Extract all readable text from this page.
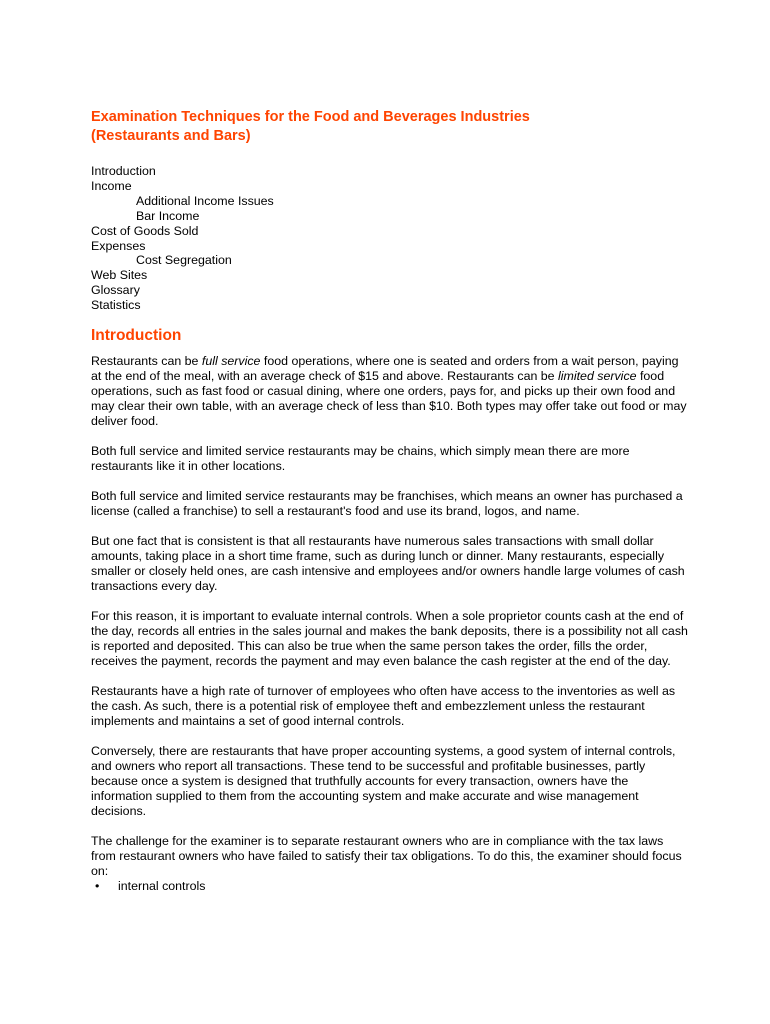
Examination Techniques for the Food and Beverages Industries
(Restaurants and Bars)
Introduction
Income
Additional Income Issues
Bar Income
Cost of Goods Sold
Expenses
Cost Segregation
Web Sites
Glossary
Statistics
Introduction

Restaurants can be full service food operations, where one is seated and orders from a wait person, paying at the end of the meal, with an average check of $15 and above. Restaurants can be limited service food operations, such as fast food or casual dining, where one orders, pays for, and picks up their own food and may clear their own table, with an average check of less than $10. Both types may offer take out food or may deliver food.

Both full service and limited service restaurants may be chains, which simply mean there are more restaurants like it in other locations.

Both full service and limited service restaurants may be franchises, which means an owner has purchased a license (called a franchise) to sell a restaurant's food and use its brand, logos, and name.

But one fact that is consistent is that all restaurants have numerous sales transactions with small dollar amounts, taking place in a short time frame, such as during lunch or dinner. Many restaurants, especially smaller or closely held ones, are cash intensive and employees and/or owners handle large volumes of cash transactions every day.

For this reason, it is important to evaluate internal controls. When a sole proprietor counts cash at the end of the day, records all entries in the sales journal and makes the bank deposits, there is a possibility not all cash is reported and deposited. This can also be true when the same person takes the order, fills the order, receives the payment, records the payment and may even balance the cash register at the end of the day.

Restaurants have a high rate of turnover of employees who often have access to the inventories as well as the cash. As such, there is a potential risk of employee theft and embezzlement unless the restaurant implements and maintains a set of good internal controls.

Conversely, there are restaurants that have proper accounting systems, a good system of internal controls, and owners who report all transactions. These tend to be successful and profitable businesses, partly because once a system is designed that truthfully accounts for every transaction, owners have the information supplied to them from the accounting system and make accurate and wise management decisions.

The challenge for the examiner is to separate restaurant owners who are in compliance with the tax laws from restaurant owners who have failed to satisfy their tax obligations. To do this, the examiner should focus on:

• internal controls
